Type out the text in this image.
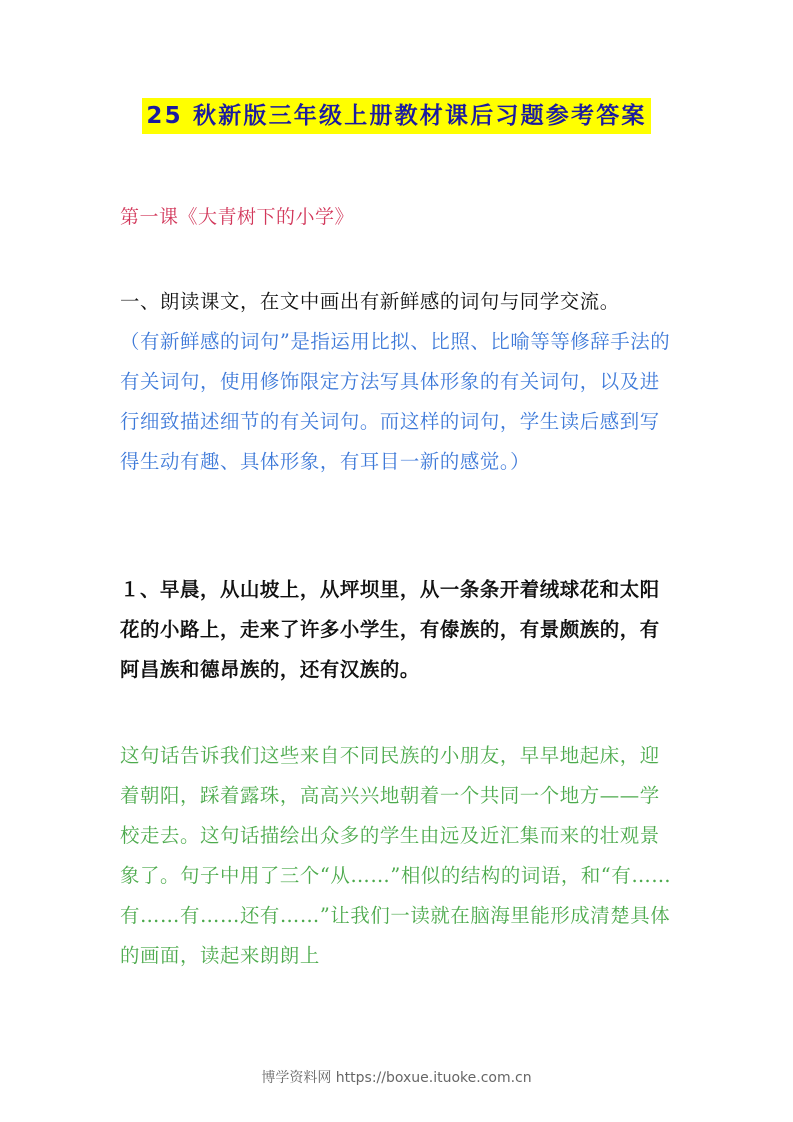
25 秋新版三年级上册教材课后习题参考答案
第一课《大青树下的小学》

一、朗读课文，在文中画出有新鲜感的词句与同学交流。

（有新鲜感的词句”是指运用比拟、比照、比喻等等修辞手法的有关词句，使用修饰限定方法写具体形象的有关词句，以及进行细致描述细节的有关词句。而这样的词句，学生读后感到写得生动有趣、具体形象，有耳目一新的感觉。）

１、早晨，从山坡上，从坪坝里，从一条条开着绒球花和太阳花的小路上，走来了许多小学生，有傣族的，有景颇族的，有阿昌族和德昂族的，还有汉族的。

这句话告诉我们这些来自不同民族的小朋友，早早地起床，迎着朝阳，踩着露珠，高高兴兴地朝着一个共同一个地方——学校走去。这句话描绘出众多的学生由远及近汇集而来的壮观景象了。句子中用了三个“从……”相似的结构的词语，和“有……有……有……还有……”让我们一读就在脑海里能形成清楚具体的画面，读起来朗朗上

博学资料网 https://boxue.ituoke.com.cn
